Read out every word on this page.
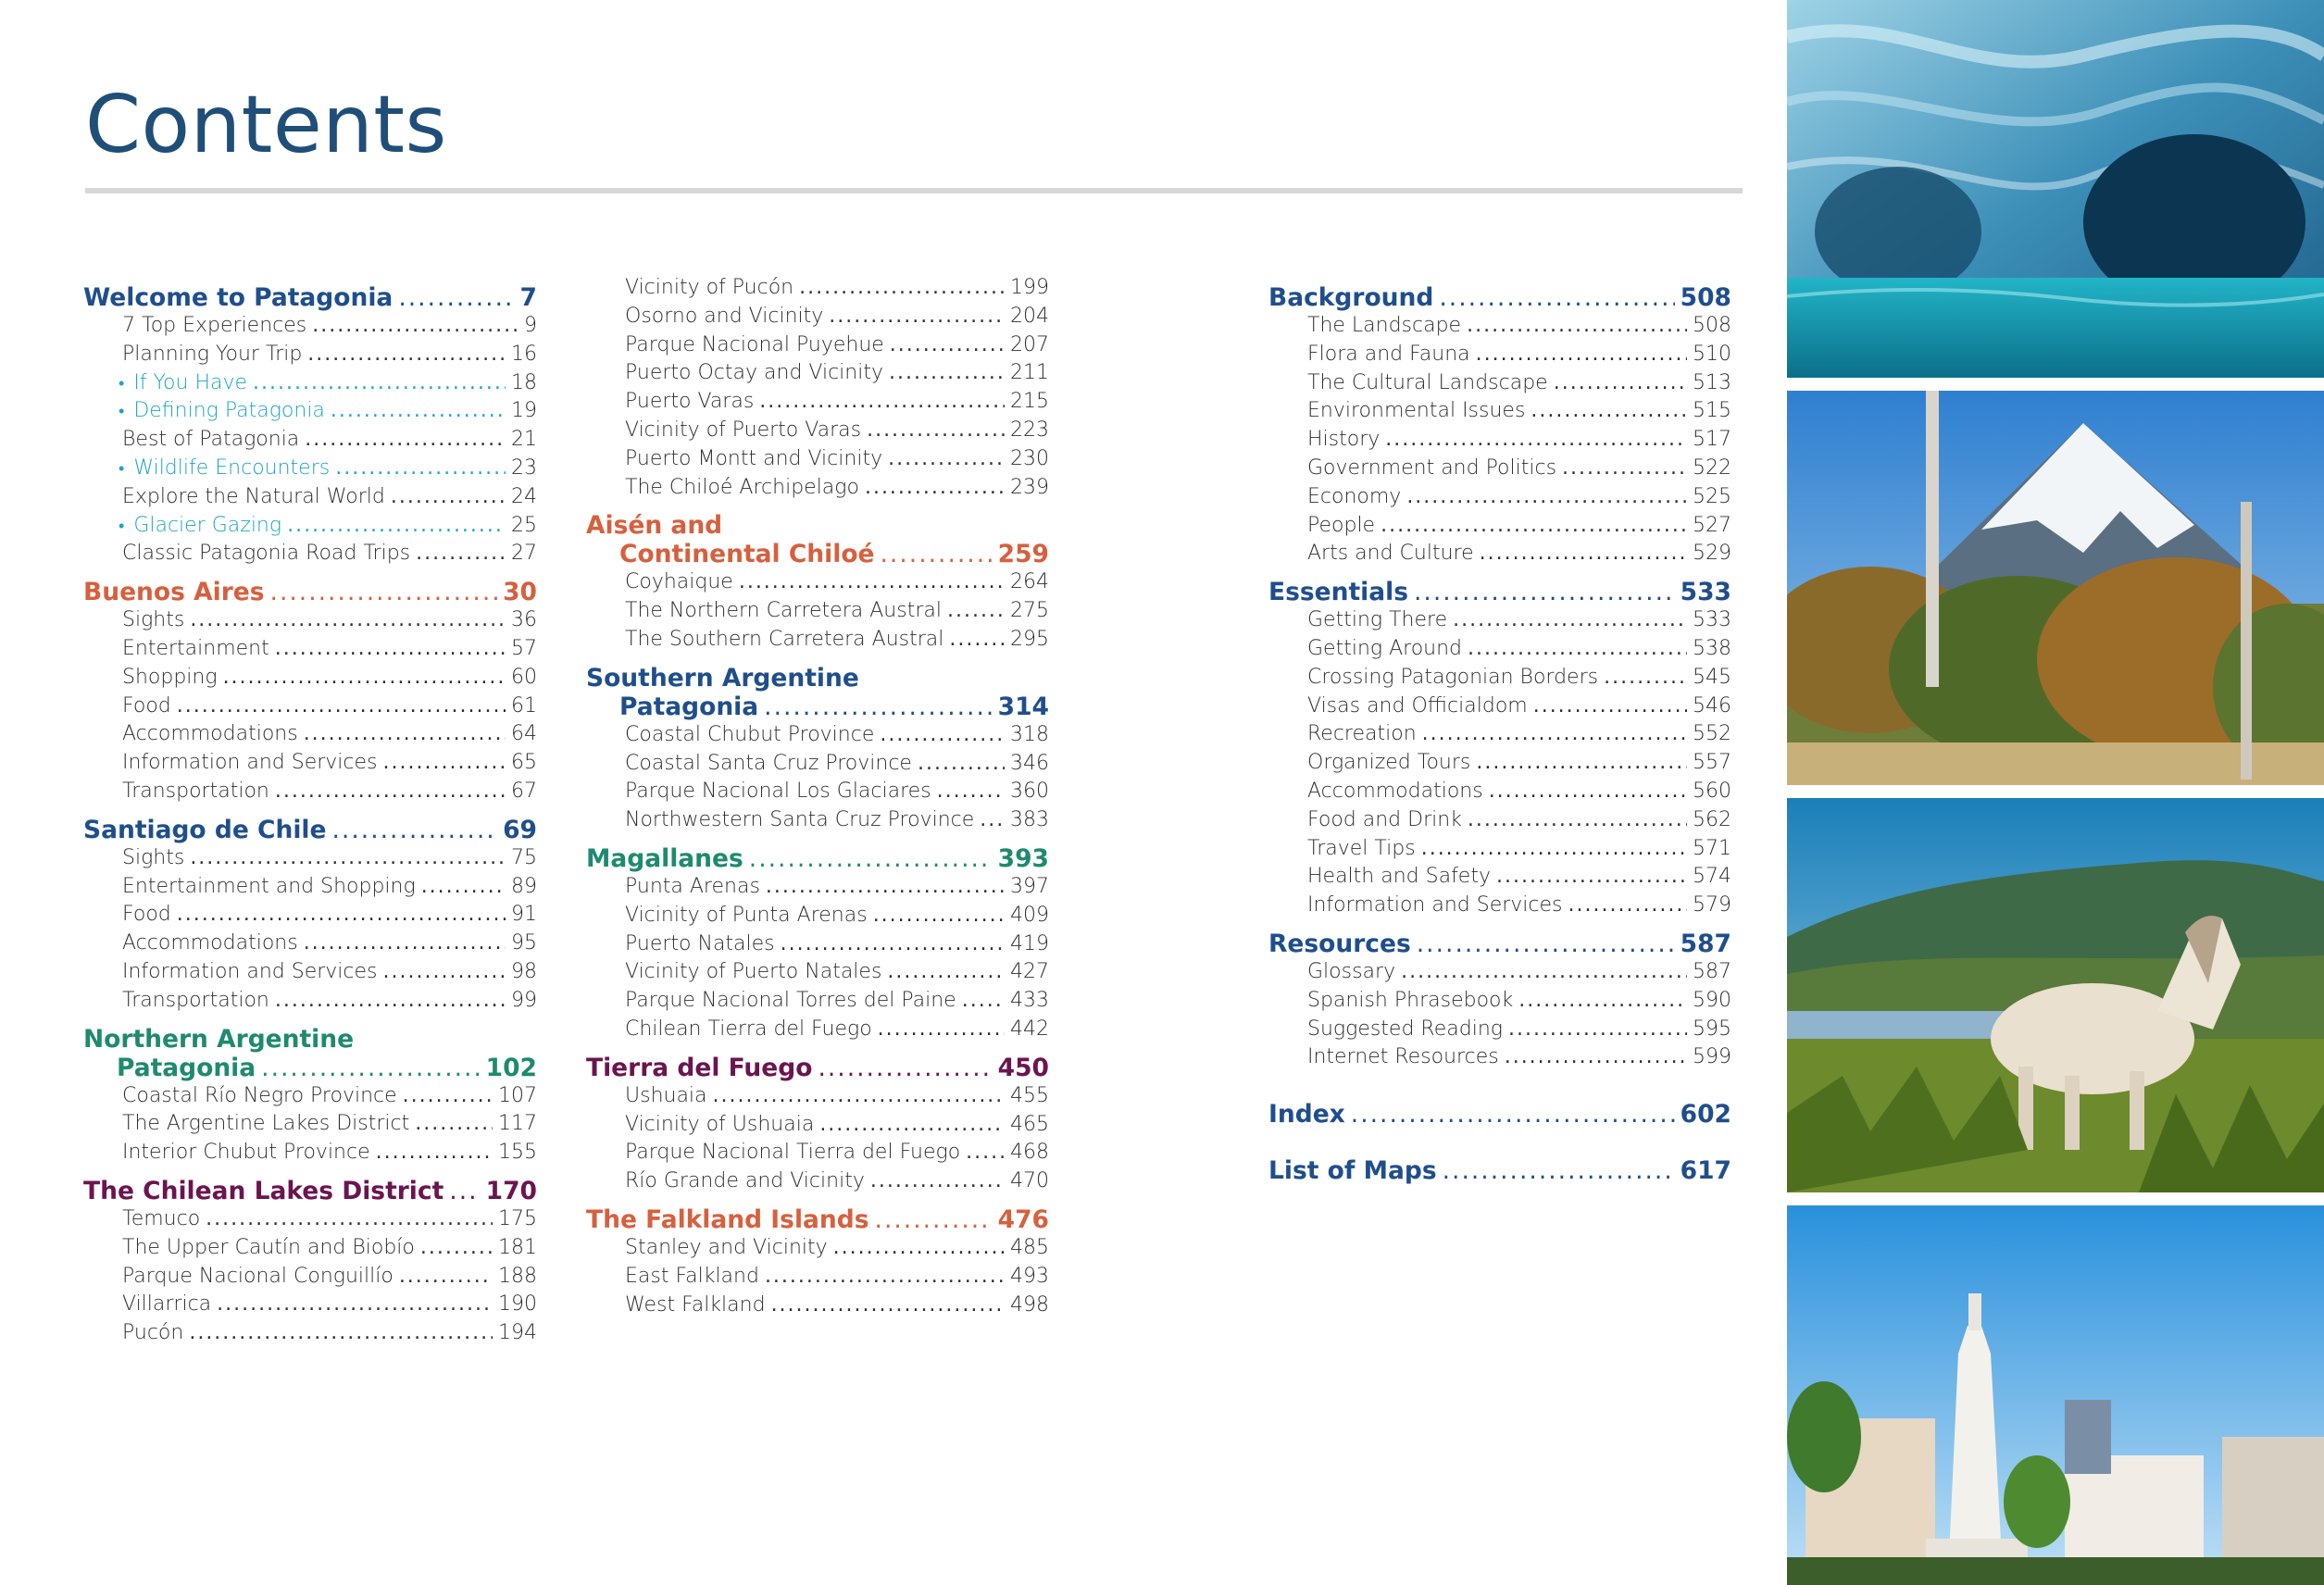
Contents
Welcome to Patagonia .....	7
7 Top Experiences .....	9
Planning Your Trip .....	16
• If You Have .....	18
• Defining Patagonia .....	19
Best of Patagonia .....	21
• Wildlife Encounters .....	23
Explore the Natural World .....	24
• Glacier Gazing .....	25
Classic Patagonia Road Trips .....	27
Buenos Aires .....	30
Sights .....	36
Entertainment .....	57
Shopping .....	60
Food .....	61
Accommodations .....	64
Information and Services .....	65
Transportation .....	67
Santiago de Chile .....	69
Sights .....	75
Entertainment and Shopping .....	89
Food .....	91
Accommodations .....	95
Information and Services .....	98
Transportation .....	99
Northern Argentine
Patagonia .....	102
Coastal Río Negro Province .....	107
The Argentine Lakes District .....	117
Interior Chubut Province .....	155
The Chilean Lakes District ..... 170
Temuco .....	175
The Upper Cautín and Biobío .....	181
Parque Nacional Conguillío .....	188
Villarrica .....	190
Pucón .....	194
Vicinity of Pucón .....	199
Osorno and Vicinity .....	204
Parque Nacional Puyehue .....	207
Puerto Octay and Vicinity .....	211
Puerto Varas .....	215
Vicinity of Puerto Varas .....	223
Puerto Montt and Vicinity .....	230
The Chiloé Archipelago .....	239
Aisén and
Continental Chiloé .....	259
Coyhaique .....	264
The Northern Carretera Austral .....	275
The Southern Carretera Austral .....	295
Southern Argentine
Patagonia .....	314
Coastal Chubut Province .....	318
Coastal Santa Cruz Province .....	346
Parque Nacional Los Glaciares .....	360
Northwestern Santa Cruz Province ..... 383
Magallanes .....	393
Punta Arenas .....	397
Vicinity of Punta Arenas .....	409
Puerto Natales .....	419
Vicinity of Puerto Natales .....	427
Parque Nacional Torres del Paine .....	433
Chilean Tierra del Fuego .....	442
Tierra del Fuego .....	450
Ushuaia .....	455
Vicinity of Ushuaia .....	465
Parque Nacional Tierra del Fuego ..... 468
Río Grande and Vicinity .....	470
The Falkland Islands .....	476
Stanley and Vicinity .....	485
East Falkland .....	493
West Falkland .....	498
Background .....	508
The Landscape .....	508
Flora and Fauna .....	510
The Cultural Landscape .....	513
Environmental Issues .....	515
History .....	517
Government and Politics .....	522
Economy .....	525
People .....	527
Arts and Culture .....	529
Essentials .....	533
Getting There .....	533
Getting Around .....	538
Crossing Patagonian Borders .....	545
Visas and Officialdom .....	546
Recreation .....	552
Organized Tours .....	557
Accommodations .....	560
Food and Drink .....	562
Travel Tips .....	571
Health and Safety .....	574
Information and Services .....	579
Resources .....	587
Glossary .....	587
Spanish Phrasebook .....	590
Suggested Reading .....	595
Internet Resources .....	599
Index .....	602
List of Maps .....	617
